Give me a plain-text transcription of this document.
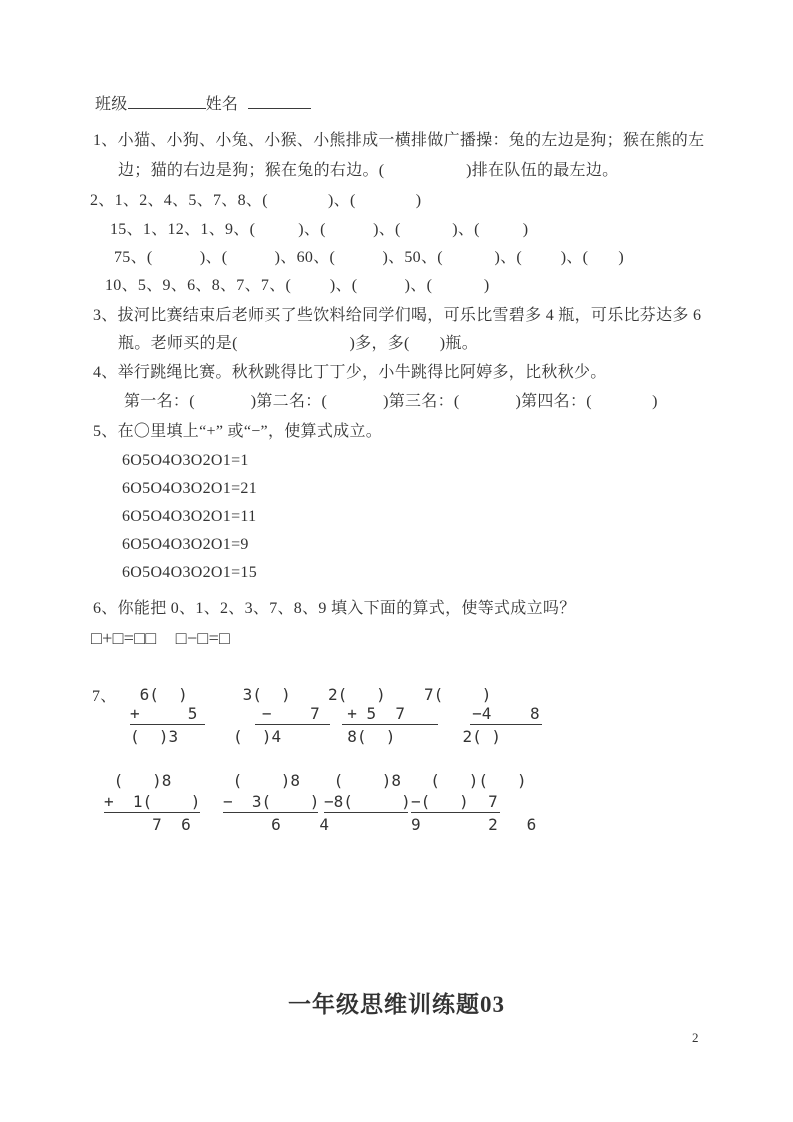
班级	姓名
1、小猫、小狗、小兔、小猴、小熊排成一横排做广播操：兔的左边是狗；猴在熊的左
边；猫的右边是狗；猴在兔的右边。(                   )排在队伍的最左边。
2、1、2、4、5、7、8、(              )、(              )
15、1、12、1、9、(          )、(           )、(            )、(          )
75、(           )、(           )、60、(           )、50、(            )、(         )、(       )
10、5、9、6、8、7、7、(         )、(           )、(            )
3、拔河比赛结束后老师买了些饮料给同学们喝，可乐比雪碧多 4 瓶，可乐比芬达多 6
瓶。老师买的是(                          )多，多(       )瓶。
4、举行跳绳比赛。秋秋跳得比丁丁少，小牛跳得比阿婷多，比秋秋少。
第一名：(             )第二名：(             )第三名：(             )第四名：(              )
5、在〇里填上“+” 或“−”，使算式成立。
6O5O4O3O2O1=1
6O5O4O3O2O1=21
6O5O4O3O2O1=11
6O5O4O3O2O1=9
6O5O4O3O2O1=15
6、你能把 0、1、2、3、7、8、9 填入下面的算式，使等式成立吗？
□+□=□□    □−□=□
7、 6(  )	3(  ) 2(   ) 7(    )
+     5 −    7 + 5  7 −4    8
(  )3	(  )4	8(  ) 2( )
(   )8	(    )8 (    )8 (   )(   )
+  1(    ) −  3(    ) −8(     ) −(   )  7
7  6 6    4	9       2   6
一年级思维训练题03
2
